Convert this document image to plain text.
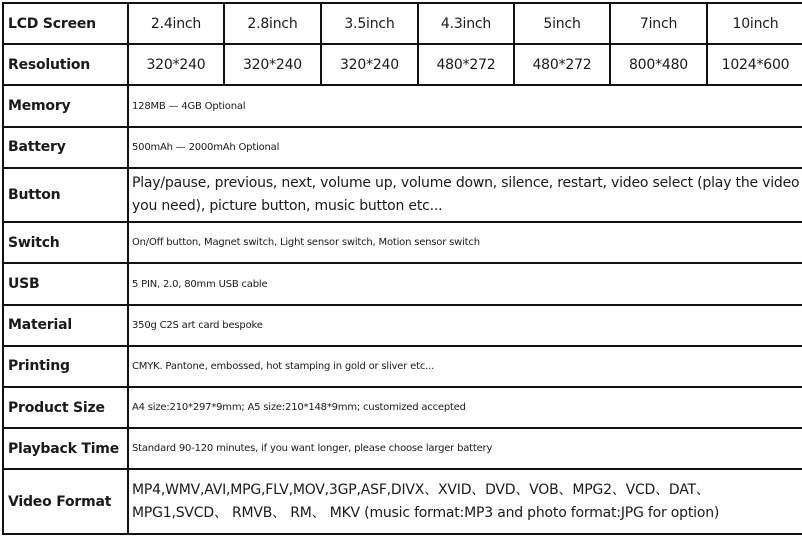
LCD Screen	2.4inch	2.8inch	3.5inch	4.3inch	5inch	7inch	10inch
Resolution	320*240	320*240	320*240	480*272	480*272	800*480	1024*600
Memory	128MB — 4GB Optional						
Battery	500mAh — 2000mAh Optional						
Button	Play/pause, previous, next, volume up, volume down, silence, restart, video select (play the video you need), picture button, music button etc...						
Switch	On/Off button, Magnet switch, Light sensor switch, Motion sensor switch						
USB	5 PIN, 2.0, 80mm USB cable						
Material	350g C2S art card bespoke						
Printing	CMYK. Pantone, embossed, hot stamping in gold or sliver etc...						
Product Size	A4 size:210*297*9mm; A5 size:210*148*9mm; customized accepted						
Playback Time	Standard 90-120 minutes, if you want longer, please choose larger battery						
Video Format	MP4,WMV,AVI,MPG,FLV,MOV,3GP,ASF,DIVX、XVID、DVD、VOB、MPG2、VCD、DAT、
MPG1,SVCD、 RMVB、 RM、 MKV (music format:MP3 and photo format:JPG for option)						
